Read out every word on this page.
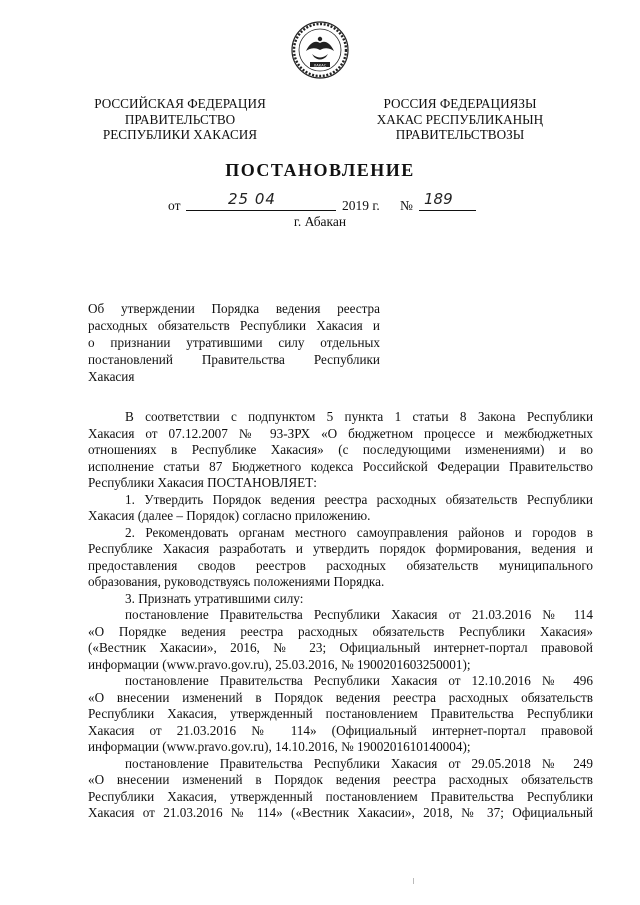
ХАКАС
РОССИЙСКАЯ ФЕДЕРАЦИЯ
ПРАВИТЕЛЬСТВО
РЕСПУБЛИКИ ХАКАСИЯ
РОССИЯ ФЕДЕРАЦИЯЗЫ
ХАКАС РЕСПУБЛИКАНЫҢ
ПРАВИТЕЛЬСТВОЗЫ
ПОСТАНОВЛЕНИЕ
от	25 04	2019 г. № 189
г. Абакан
Об утверждении Порядка ведения реестра
расходных обязательств Республики Хакасия и
о признании утратившими силу отдельных
постановлений Правительства Республики
Хакасия
В соответствии с подпунктом 5 пункта 1 статьи 8 Закона Республики
Хакасия от 07.12.2007 № 93-ЗРХ «О бюджетном процессе и межбюджетных
отношениях в Республике Хакасия» (с последующими изменениями) и во
исполнение статьи 87 Бюджетного кодекса Российской Федерации Правительство
Республики Хакасия ПОСТАНОВЛЯЕТ:
1. Утвердить Порядок ведения реестра расходных обязательств Республики
Хакасия (далее – Порядок) согласно приложению.
2. Рекомендовать органам местного самоуправления районов и городов в
Республике Хакасия разработать и утвердить порядок формирования, ведения и
предоставления сводов реестров расходных обязательств муниципального
образования, руководствуясь положениями Порядка.
3. Признать утратившими силу:
постановление Правительства Республики Хакасия от 21.03.2016 № 114
«О Порядке ведения реестра расходных обязательств Республики Хакасия»
(«Вестник Хакасии», 2016, № 23; Официальный интернет-портал правовой
информации (www.pravo.gov.ru), 25.03.2016, № 1900201603250001);
постановление Правительства Республики Хакасия от 12.10.2016 № 496
«О внесении изменений в Порядок ведения реестра расходных обязательств
Республики Хакасия, утвержденный постановлением Правительства Республики
Хакасия от 21.03.2016 № 114» (Официальный интернет-портал правовой
информации (www.pravo.gov.ru), 14.10.2016, № 1900201610140004);
постановление Правительства Республики Хакасия от 29.05.2018 № 249
«О внесении изменений в Порядок ведения реестра расходных обязательств
Республики Хакасия, утвержденный постановлением Правительства Республики
Хакасия от 21.03.2016 № 114» («Вестник Хакасии», 2018, № 37; Официальный
